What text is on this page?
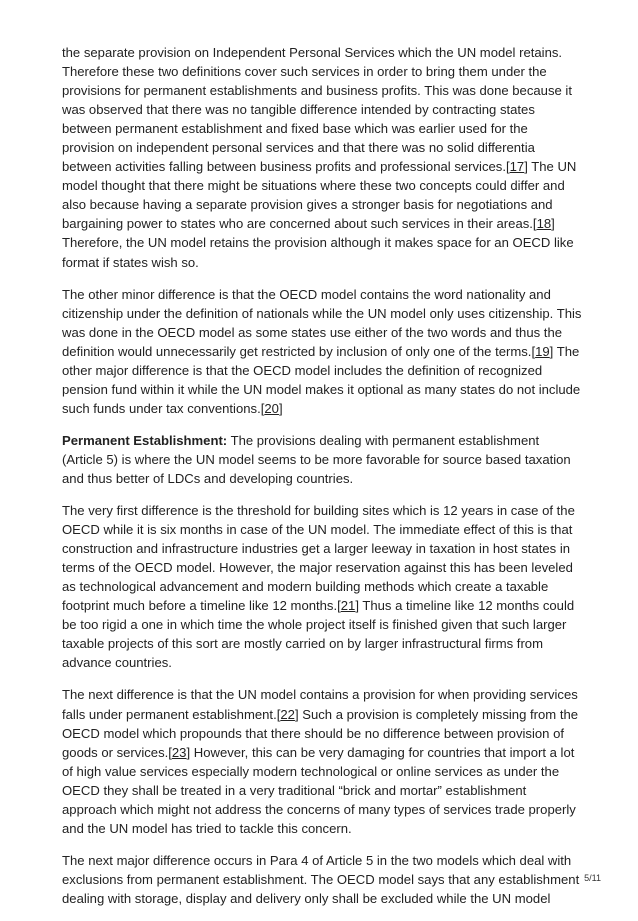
the separate provision on Independent Personal Services which the UN model retains.
Therefore these two definitions cover such services in order to bring them under the
provisions for permanent establishments and business profits. This was done because it
was observed that there was no tangible difference intended by contracting states
between permanent establishment and fixed base which was earlier used for the
provision on independent personal services and that there was no solid differentia
between activities falling between business profits and professional services.[17] The UN
model thought that there might be situations where these two concepts could differ and
also because having a separate provision gives a stronger basis for negotiations and
bargaining power to states who are concerned about such services in their areas.[18]
Therefore, the UN model retains the provision although it makes space for an OECD like
format if states wish so.

The other minor difference is that the OECD model contains the word nationality and
citizenship under the definition of nationals while the UN model only uses citizenship. This
was done in the OECD model as some states use either of the two words and thus the
definition would unnecessarily get restricted by inclusion of only one of the terms.[19] The
other major difference is that the OECD model includes the definition of recognized
pension fund within it while the UN model makes it optional as many states do not include
such funds under tax conventions.[20]

Permanent Establishment: The provisions dealing with permanent establishment
(Article 5) is where the UN model seems to be more favorable for source based taxation
and thus better of LDCs and developing countries.

The very first difference is the threshold for building sites which is 12 years in case of the
OECD while it is six months in case of the UN model. The immediate effect of this is that
construction and infrastructure industries get a larger leeway in taxation in host states in
terms of the OECD model. However, the major reservation against this has been leveled
as technological advancement and modern building methods which create a taxable
footprint much before a timeline like 12 months.[21] Thus a timeline like 12 months could
be too rigid a one in which time the whole project itself is finished given that such larger
taxable projects of this sort are mostly carried on by larger infrastructural firms from
advance countries.

The next difference is that the UN model contains a provision for when providing services
falls under permanent establishment.[22] Such a provision is completely missing from the
OECD model which propounds that there should be no difference between provision of
goods or services.[23] However, this can be very damaging for countries that import a lot
of high value services especially modern technological or online services as under the
OECD they shall be treated in a very traditional “brick and mortar” establishment
approach which might not address the concerns of many types of services trade properly
and the UN model has tried to tackle this concern.

The next major difference occurs in Para 4 of Article 5 in the two models which deal with
exclusions from permanent establishment. The OECD model says that any establishment
dealing with storage, display and delivery only shall be excluded while the UN model

5/11
